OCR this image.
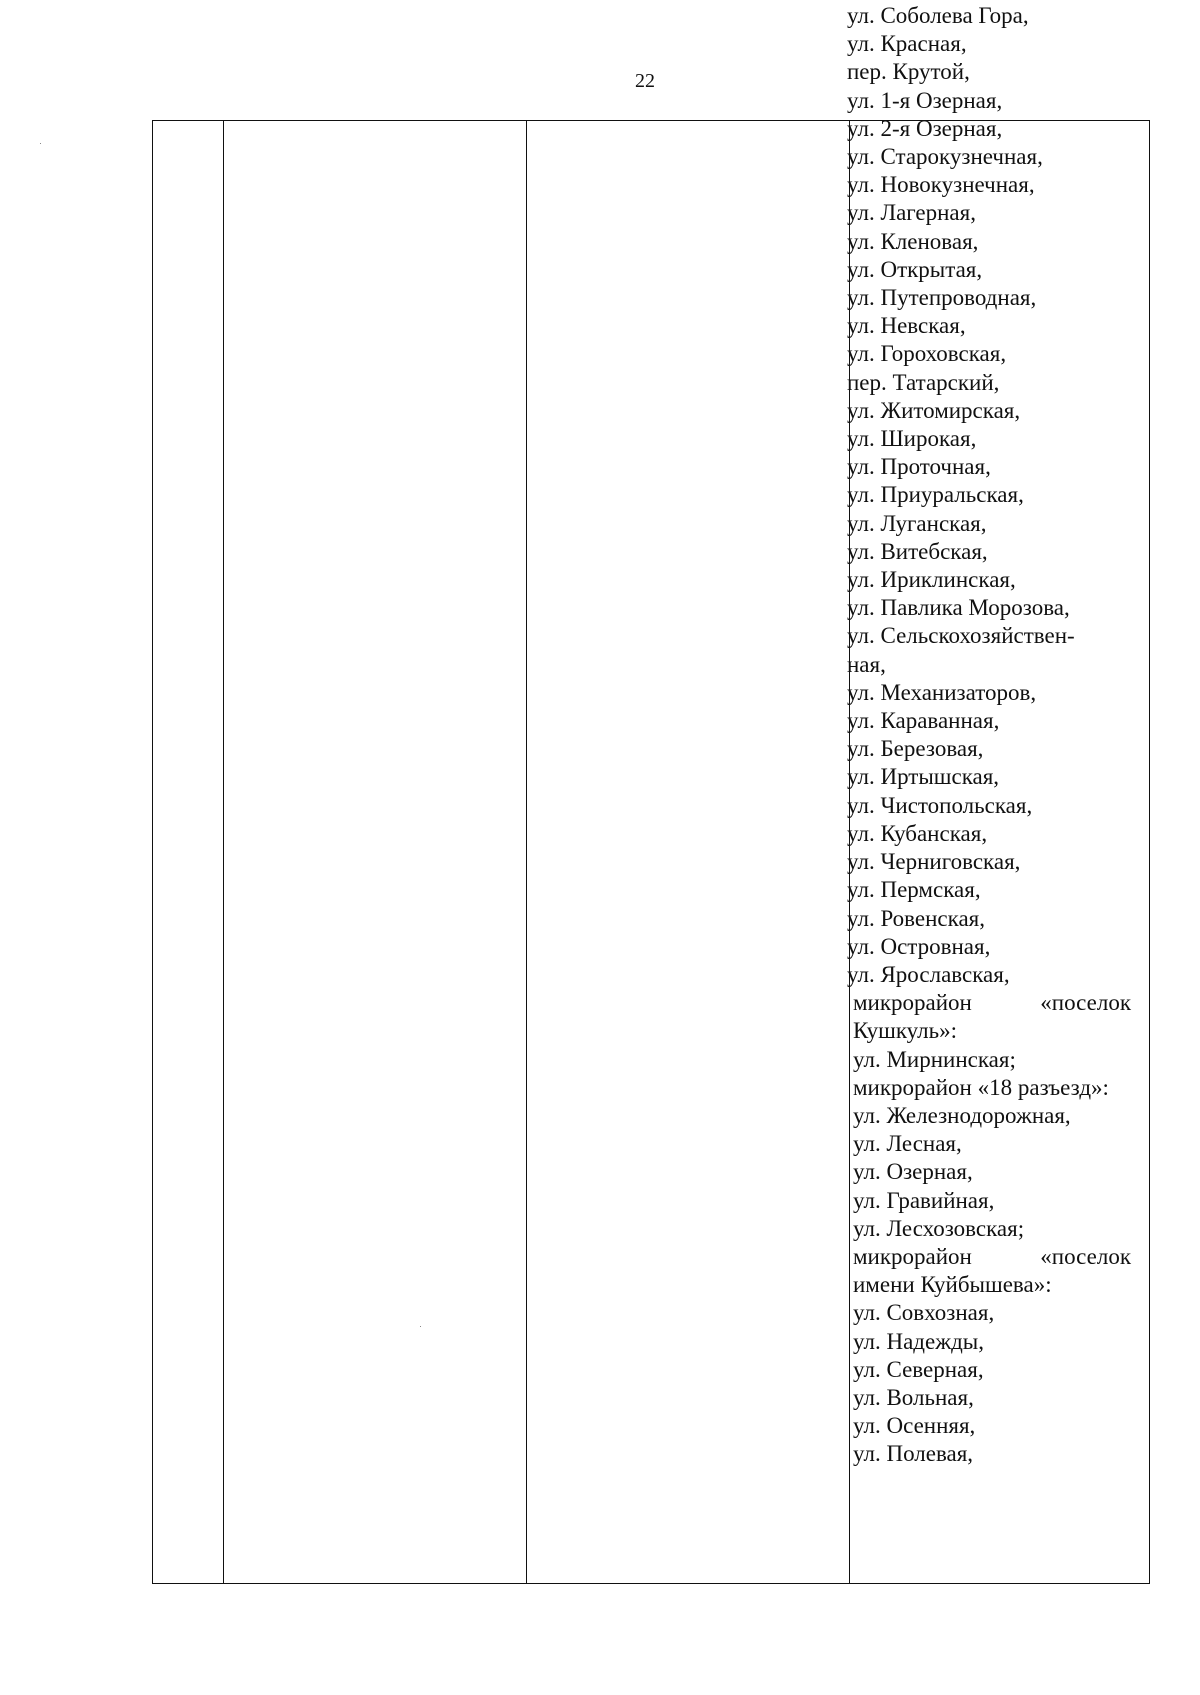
22
ул. Соболева Гора,
ул. Красная,
пер. Крутой,
ул. 1-я Озерная,
ул. 2-я Озерная,
ул. Старокузнечная,
ул. Новокузнечная,
ул. Лагерная,
ул. Кленовая,
ул. Открытая,
ул. Путепроводная,
ул. Невская,
ул. Гороховская,
пер. Татарский,
ул. Житомирская,
ул. Широкая,
ул. Проточная,
ул. Приуральская,
ул. Луганская,
ул. Витебская,
ул. Ириклинская,
ул. Павлика Морозова,
ул. Сельскохозяйствен-
ная,
ул. Механизаторов,
ул. Караванная,
ул. Березовая,
ул. Иртышская,
ул. Чистопольская,
ул. Кубанская,
ул. Черниговская,
ул. Пермская,
ул. Ровенская,
ул. Островная,
ул. Ярославская,
микрорайон	«поселок
Кушкуль»:
ул. Мирнинская;
микрорайон «18 разъезд»:
ул. Железнодорожная,
ул. Лесная,
ул. Озерная,
ул. Гравийная,
ул. Лесхозовская;
микрорайон	«поселок
имени Куйбышева»:
ул. Совхозная,
ул. Надежды,
ул. Северная,
ул. Вольная,
ул. Осенняя,
ул. Полевая,
